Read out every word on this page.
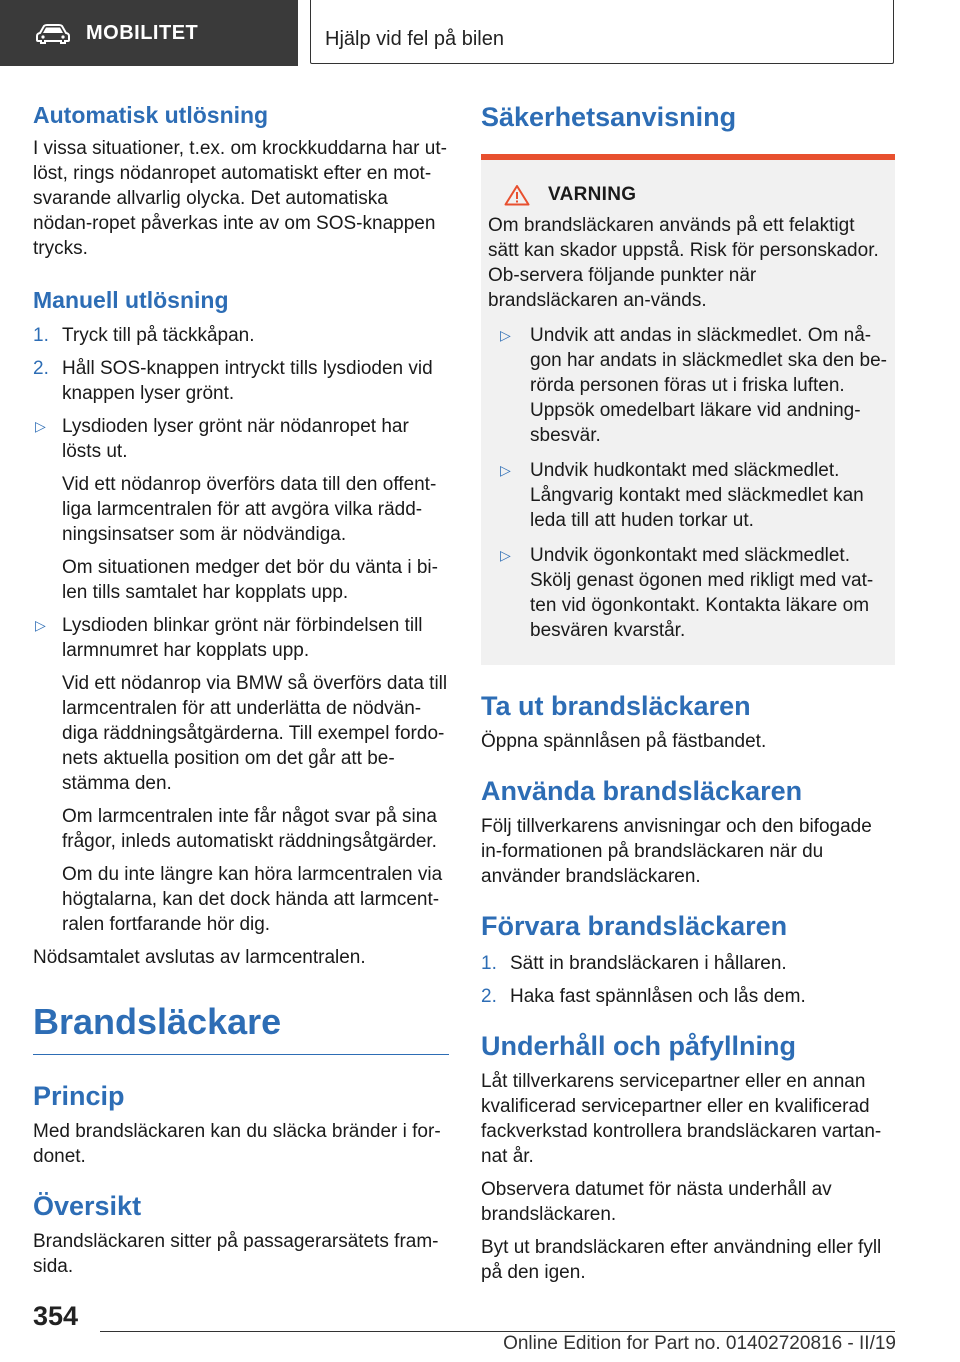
MOBILITET	Hjälp vid fel på bilen
Automatisk utlösning

I vissa situationer, t.ex. om krockkuddarna har ut-löst, rings nödanropet automatiskt efter en mot-svarande allvarlig olycka. Det automatiska nödan-ropet påverkas inte av om SOS-knappen trycks.

Manuell utlösning
1. Tryck till på täckkåpan.
2. Håll SOS-knappen intryckt tills lysdioden vid knappen lyser grönt.
▷ Lysdioden lyser grönt när nödanropet har lösts ut.
Vid ett nödanrop överförs data till den offent-liga larmcentralen för att avgöra vilka rädd-ningsinsatser som är nödvändiga.
Om situationen medger det bör du vänta i bi-len tills samtalet har kopplats upp.
▷ Lysdioden blinkar grönt när förbindelsen till larmnumret har kopplats upp.
Vid ett nödanrop via BMW så överförs data till larmcentralen för att underlätta de nödvän-diga räddningsåtgärderna. Till exempel fordo-nets aktuella position om det går att be-stämma den.
Om larmcentralen inte får något svar på sina frågor, inleds automatiskt räddningsåtgärder.
Om du inte längre kan höra larmcentralen via högtalarna, kan det dock hända att larmcent-ralen fortfarande hör dig.

Nödsamtalet avslutas av larmcentralen.

Brandsläckare
Princip

Med brandsläckaren kan du släcka bränder i for-donet.

Översikt

Brandsläckaren sitter på passagerarsätets fram-sida.

Säkerhetsanvisning
VARNING

Om brandsläckaren används på ett felaktigt sätt kan skador uppstå. Risk för personskador. Ob-servera följande punkter när brandsläckaren an-vänds.

▷ Undvik att andas in släckmedlet. Om nå-gon har andats in släckmedlet ska den be-rörda personen föras ut i friska luften. Uppsök omedelbart läkare vid andning-sbesvär.
▷ Undvik hudkontakt med släckmedlet. Långvarig kontakt med släckmedlet kan leda till att huden torkar ut.
▷ Undvik ögonkontakt med släckmedlet. Skölj genast ögonen med rikligt med vat-ten vid ögonkontakt. Kontakta läkare om besvären kvarstår.
Ta ut brandsläckaren

Öppna spännlåsen på fästbandet.

Använda brandsläckaren

Följ tillverkarens anvisningar och den bifogade in-formationen på brandsläckaren när du använder brandsläckaren.

Förvara brandsläckaren
1. Sätt in brandsläckaren i hållaren.
2. Haka fast spännlåsen och lås dem.
Underhåll och påfyllning

Låt tillverkarens servicepartner eller en annan kvalificerad servicepartner eller en kvalificerad fackverkstad kontrollera brandsläckaren vartan-nat år.

Observera datumet för nästa underhåll av brandsläckaren.

Byt ut brandsläckaren efter användning eller fyll på den igen.

354
Online Edition for Part no. 01402720816 - II/19
